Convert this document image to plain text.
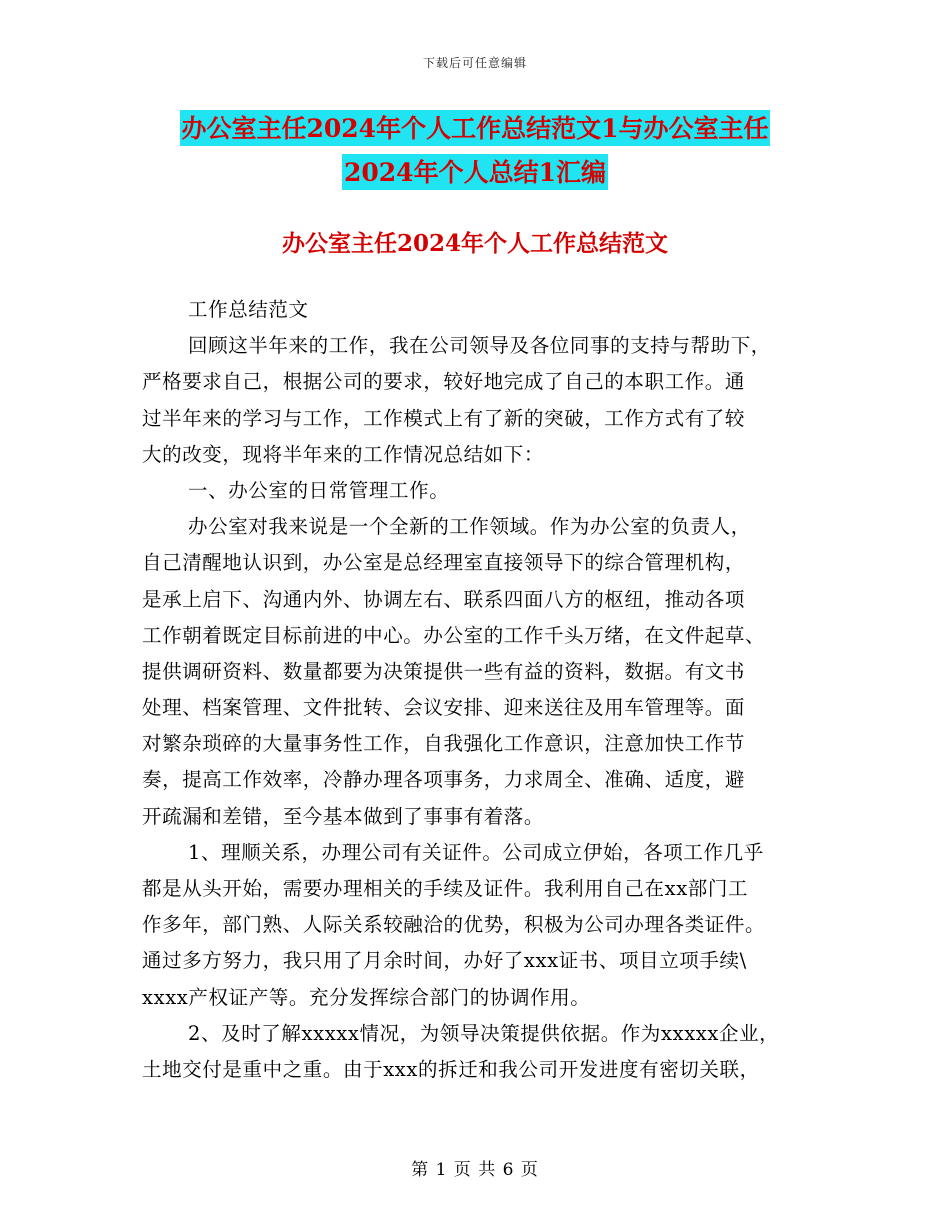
下载后可任意编辑
办公室主任2024年个人工作总结范文1与办公室主任
2024年个人总结1汇编
办公室主任2024年个人工作总结范文
工作总结范文
回顾这半年来的工作，我在公司领导及各位同事的支持与帮助下，
严格要求自己，根据公司的要求，较好地完成了自己的本职工作。通
过半年来的学习与工作，工作模式上有了新的突破，工作方式有了较
大的改变，现将半年来的工作情况总结如下：
一、办公室的日常管理工作。
办公室对我来说是一个全新的工作领域。作为办公室的负责人，
自己清醒地认识到，办公室是总经理室直接领导下的综合管理机构，
是承上启下、沟通内外、协调左右、联系四面八方的枢纽，推动各项
工作朝着既定目标前进的中心。办公室的工作千头万绪，在文件起草、
提供调研资料、数量都要为决策提供一些有益的资料，数据。有文书
处理、档案管理、文件批转、会议安排、迎来送往及用车管理等。面
对繁杂琐碎的大量事务性工作，自我强化工作意识，注意加快工作节
奏，提高工作效率，冷静办理各项事务，力求周全、准确、适度，避
开疏漏和差错，至今基本做到了事事有着落。
1、理顺关系，办理公司有关证件。公司成立伊始，各项工作几乎
都是从头开始，需要办理相关的手续及证件。我利用自己在xx部门工
作多年，部门熟、人际关系较融洽的优势，积极为公司办理各类证件。
通过多方努力，我只用了月余时间，办好了xxx证书、项目立项手续\
xxxx产权证产等。充分发挥综合部门的协调作用。
2、及时了解xxxxx情况，为领导决策提供依据。作为xxxxx企业，
土地交付是重中之重。由于xxx的拆迁和我公司开发进度有密切关联，
第 1 页 共 6 页
